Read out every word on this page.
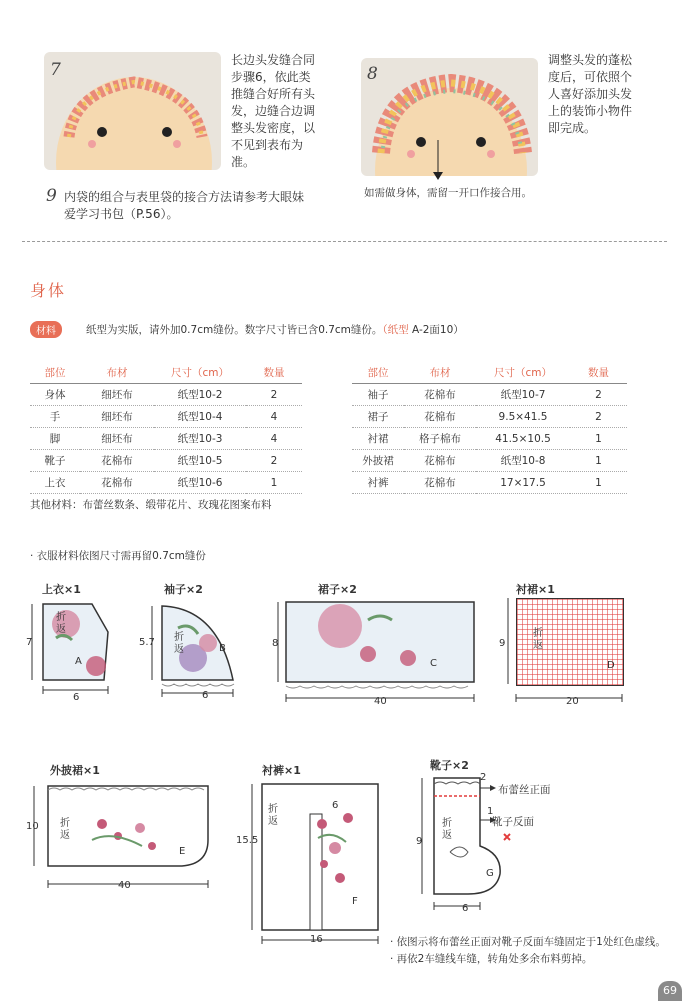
7	长边头发缝合同
步骤6，依此类
推缝合好所有头
发，边缝合边调
整头发密度，以
不见到表布为
准。
8
如需做身体，需留一开口作接合用。
调整头发的蓬松
度后，可依照个
人喜好添加头发
上的装饰小物件
即完成。
9 内袋的组合与表里袋的接合方法请参考大眼妹
爱学习书包（P.56）。
身体
材料	纸型为实版，请外加0.7cm缝份。数字尺寸皆已含0.7cm缝份。（纸型 A-2面10）
部位	布材	尺寸（cm）	数量
身体	细坯布	纸型10-2	2
手	细坯布	纸型10-4	4
脚	细坯布	纸型10-3	4
靴子	花棉布	纸型10-5	2
上衣	花棉布	纸型10-6	1
部位	布材	尺寸（cm）	数量
袖子	花棉布	纸型10-7	2
裙子	花棉布	9.5×41.5	2
衬裙	格子棉布	41.5×10.5	1
外披裙	花棉布	纸型10-8	1
衬裤	花棉布	17×17.5	1
其他材料：布蕾丝数条、缎带花片、玫瑰花图案布料
· 衣服材料依图尺寸需再留0.7cm缝份
上衣×1
7
6
A
折返
袖子×2
5.7
6
B
折返
裙子×2
8
40
C
衬裙×1
9
20
D
折返
外披裙×1
10
40
E
折返
衬裤×1
15.5
16
6
F
折返
靴子×2
9
6
2
1
布蕾丝正面
靴子反面
G
折返
· 依图示将布蕾丝正面对靴子反面车缝固定于1处红色虚线。
· 再依2车缝线车缝，转角处多余布料剪掉。
69
